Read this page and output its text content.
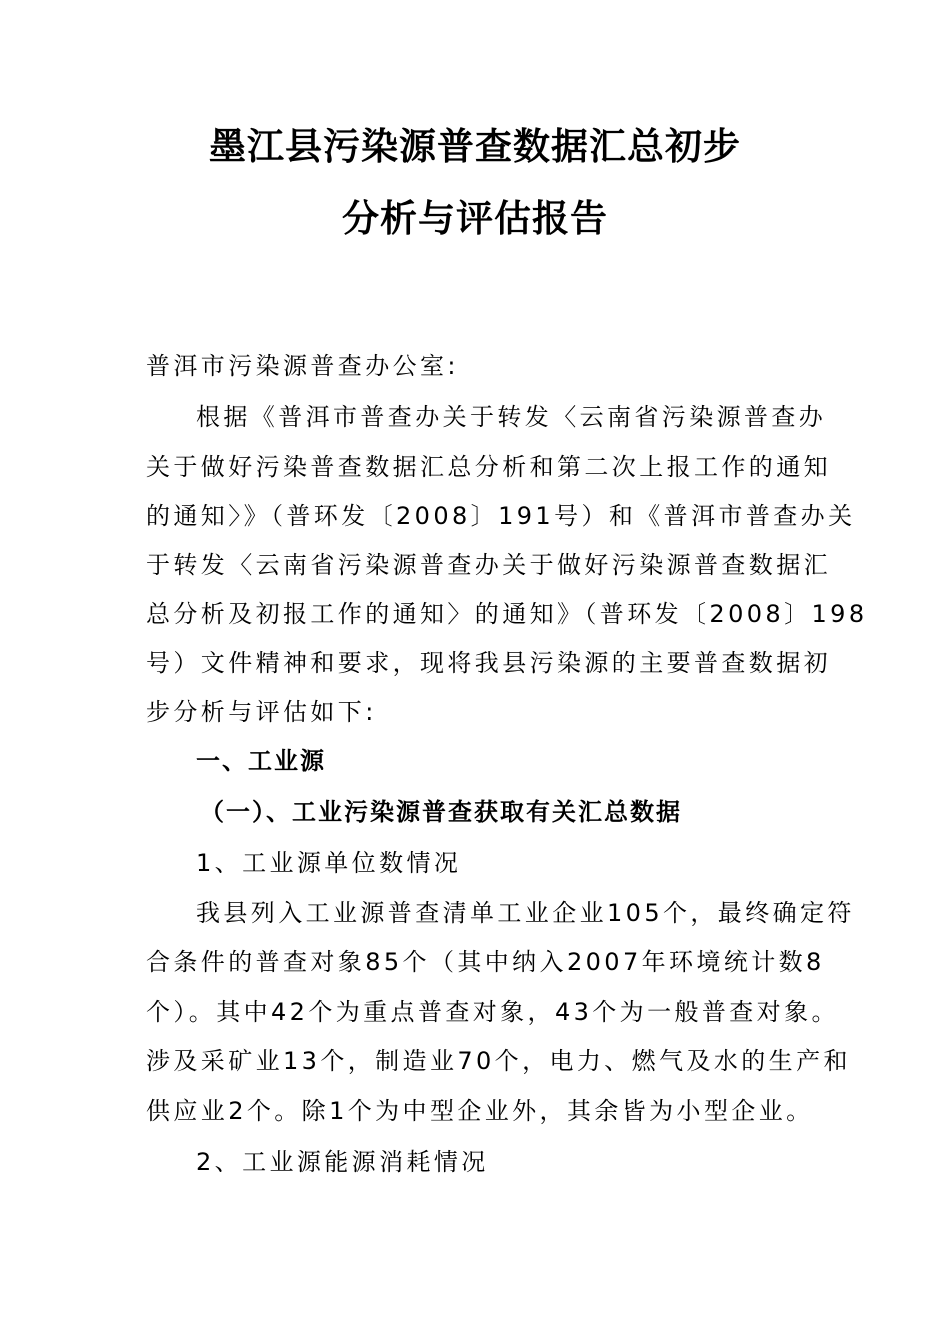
墨江县污染源普查数据汇总初步
分析与评估报告
普洱市污染源普查办公室:
根据《普洱市普查办关于转发〈云南省污染源普查办
关于做好污染普查数据汇总分析和第二次上报工作的通知
的通知〉》（普环发〔2008〕191号）和《普洱市普查办关
于转发〈云南省污染源普查办关于做好污染源普查数据汇
总分析及初报工作的通知〉的通知》（普环发〔2008〕198
号）文件精神和要求，现将我县污染源的主要普查数据初
步分析与评估如下:
一、工业源
（一）、工业污染源普查获取有关汇总数据
1、工业源单位数情况
我县列入工业源普查清单工业企业105个，最终确定符
合条件的普查对象85个（其中纳入2007年环境统计数8
个）。其中42个为重点普查对象，43个为一般普查对象。
涉及采矿业13个，制造业70个，电力、燃气及水的生产和
供应业2个。除1个为中型企业外，其余皆为小型企业。
2、工业源能源消耗情况
